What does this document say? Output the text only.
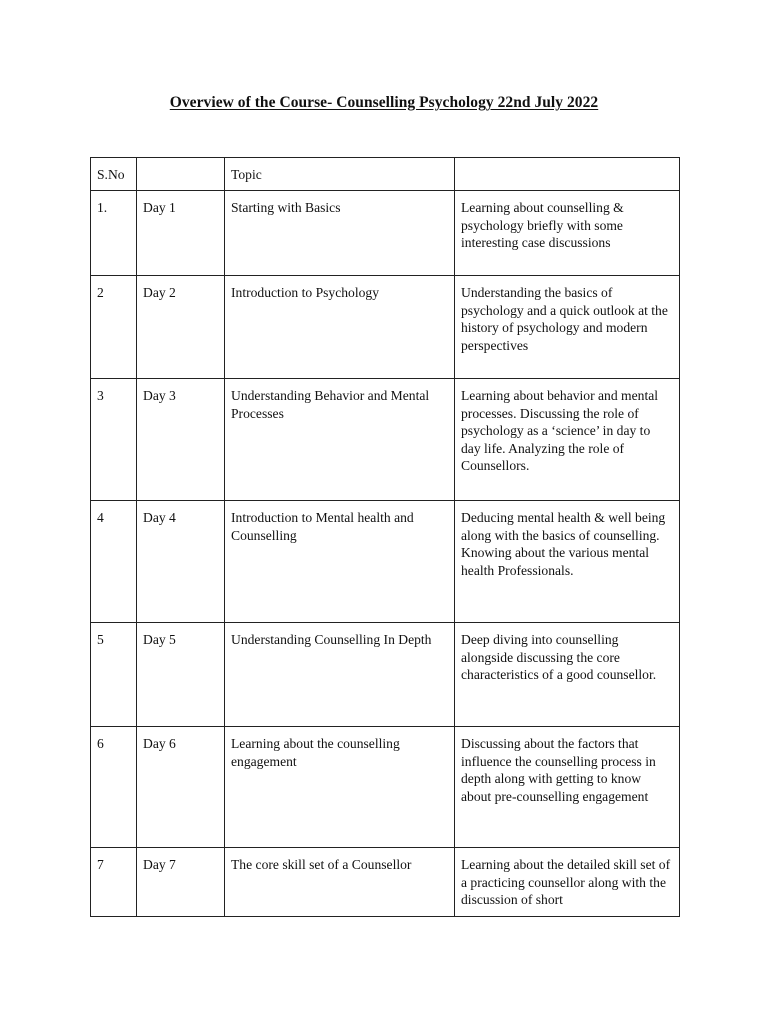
Overview of the Course- Counselling Psychology 22nd July 2022
S.No		Topic	
1.	Day 1	Starting with Basics	Learning about counselling & psychology briefly with some interesting case discussions
2	Day 2	Introduction to Psychology	Understanding the basics of psychology and a quick outlook at the history of psychology and modern perspectives
3	Day 3	Understanding Behavior and Mental Processes	Learning about behavior and mental processes. Discussing the role of psychology as a ‘science’ in day to day life. Analyzing the role of Counsellors.
4	Day 4	Introduction to Mental health and Counselling	Deducing mental health & well being along with the basics of counselling. Knowing about the various mental health Professionals.
5	Day 5	Understanding Counselling In Depth	Deep diving into counselling alongside discussing the core characteristics of a good counsellor.
6	Day 6	Learning about the counselling engagement	Discussing about the factors that influence the counselling process in depth along with getting to know about pre-counselling engagement
7	Day 7	The core skill set of a Counsellor	Learning about the detailed skill set of a practicing counsellor along with the discussion of short
